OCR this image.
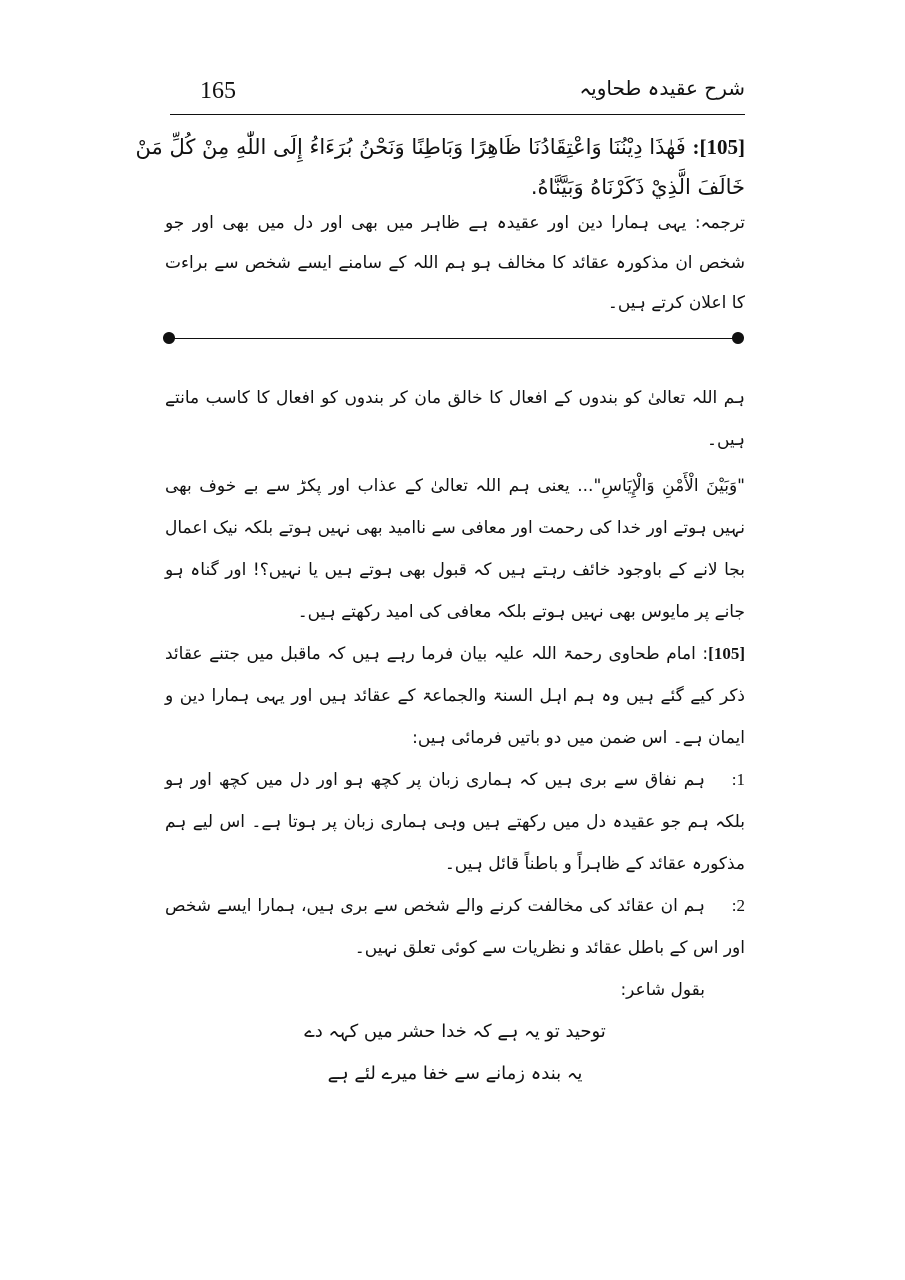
165	شرح عقیدہ طحاویہ
[105]: فَهٰذَا دِيْنُنَا وَاعْتِقَادُنَا ظَاهِرًا وَبَاطِنًا وَنَحْنُ بُرَءَاءُ إِلَى اللّٰهِ مِنْ كُلِّ مَنْ
خَالَفَ الَّذِيْ ذَكَرْنَاهُ وَبَيَّنَّاهُ.
ترجمہ: یہی ہمارا دین اور عقیدہ ہے ظاہر میں بھی اور دل میں بھی اور جو شخص ان مذکورہ عقائد کا مخالف ہو ہم اللہ کے سامنے ایسے شخص سے براءت کا اعلان کرتے ہیں۔

ہم اللہ تعالیٰ کو بندوں کے افعال کا خالق مان کر بندوں کو افعال کا کاسب مانتے ہیں۔

"وَبَيْنَ الْأَمْنِ وَالْإِيَاسِ"... یعنی ہم اللہ تعالیٰ کے عذاب اور پکڑ سے بے خوف بھی نہیں ہوتے اور خدا کی رحمت اور معافی سے ناامید بھی نہیں ہوتے بلکہ نیک اعمال بجا لانے کے باوجود خائف رہتے ہیں کہ قبول بھی ہوتے ہیں یا نہیں؟! اور گناہ ہو جانے پر مایوس بھی نہیں ہوتے بلکہ معافی کی امید رکھتے ہیں۔

[105]: امام طحاوی رحمۃ اللہ علیہ بیان فرما رہے ہیں کہ ماقبل میں جتنے عقائد ذکر کیے گئے ہیں وہ ہم اہل السنۃ والجماعۃ کے عقائد ہیں اور یہی ہمارا دین و ایمان ہے۔ اس ضمن میں دو باتیں فرمائی ہیں:

1:ہم نفاق سے بری ہیں کہ ہماری زبان پر کچھ ہو اور دل میں کچھ اور ہو بلکہ ہم جو عقیدہ دل میں رکھتے ہیں وہی ہماری زبان پر ہوتا ہے۔ اس لیے ہم مذکورہ عقائد کے ظاہراً و باطناً قائل ہیں۔

2:ہم ان عقائد کی مخالفت کرنے والے شخص سے بری ہیں، ہمارا ایسے شخص اور اس کے باطل عقائد و نظریات سے کوئی تعلق نہیں۔

بقول شاعر:

توحید تو یہ ہے کہ خدا حشر میں کہہ دے

یہ بندہ زمانے سے خفا میرے لئے ہے
